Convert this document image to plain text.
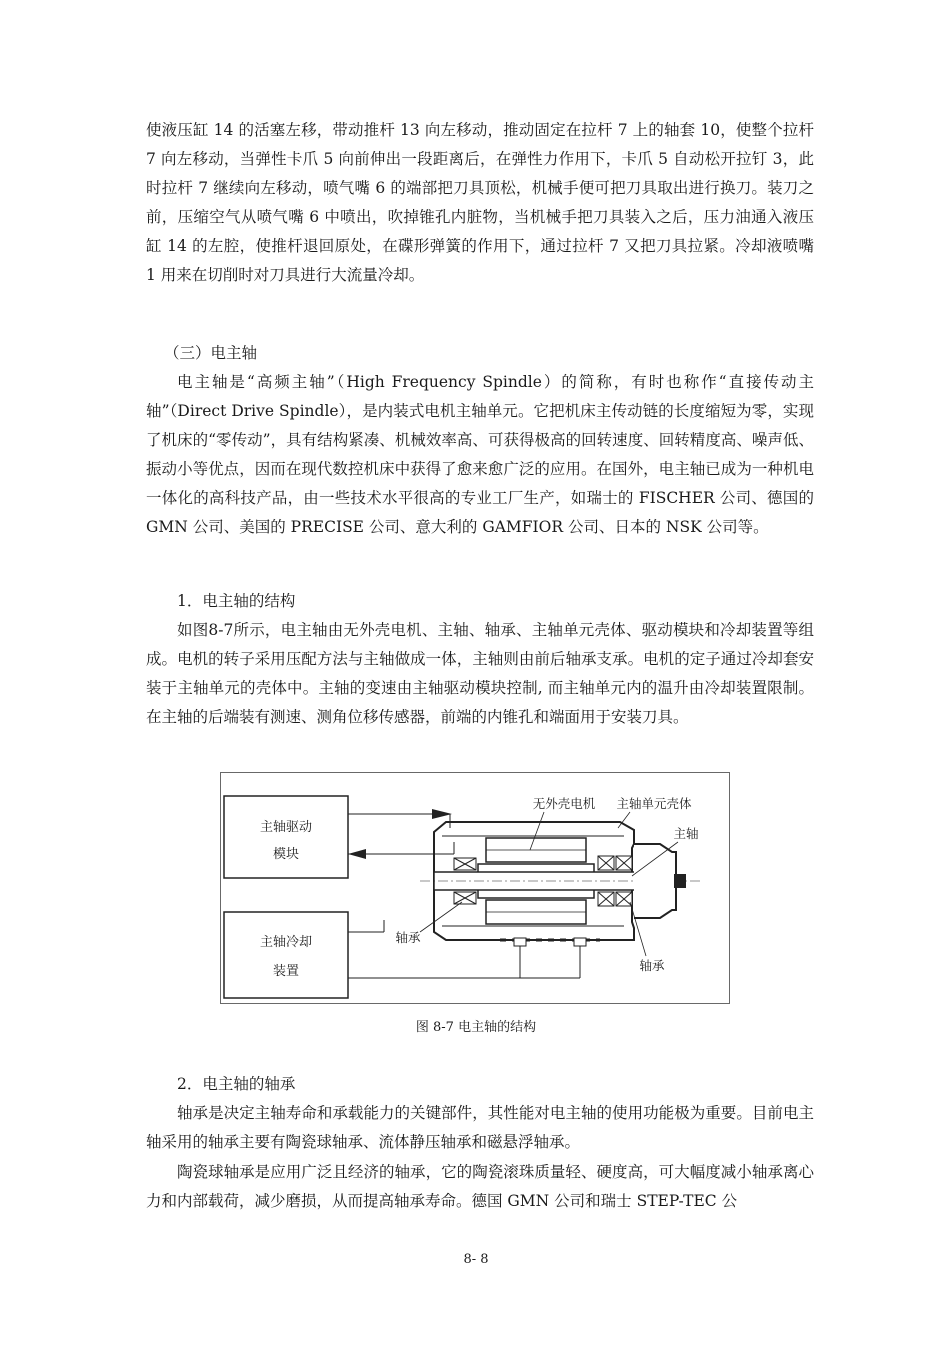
使液压缸 14 的活塞左移，带动推杆 13 向左移动，推动固定在拉杆 7 上的轴套 10，使整个拉杆 7 向左移动，当弹性卡爪 5 向前伸出一段距离后，在弹性力作用下，卡爪 5 自动松开拉钉 3，此时拉杆 7 继续向左移动，喷气嘴 6 的端部把刀具顶松，机械手便可把刀具取出进行换刀。装刀之前，压缩空气从喷气嘴 6 中喷出，吹掉锥孔内脏物，当机械手把刀具装入之后，压力油通入液压缸 14 的左腔，使推杆退回原处，在碟形弹簧的作用下，通过拉杆 7 又把刀具拉紧。冷却液喷嘴 1 用来在切削时对刀具进行大流量冷却。

（三）电主轴

电主轴是“高频主轴”（High Frequency Spindle）的简称，有时也称作“直接传动主轴”（Direct Drive Spindle），是内装式电机主轴单元。它把机床主传动链的长度缩短为零，实现了机床的“零传动”，具有结构紧凑、机械效率高、可获得极高的回转速度、回转精度高、噪声低、振动小等优点，因而在现代数控机床中获得了愈来愈广泛的应用。在国外，电主轴已成为一种机电一体化的高科技产品，由一些技术水平很高的专业工厂生产，如瑞士的 FISCHER 公司、德国的 GMN 公司、美国的 PRECISE 公司、意大利的 GAMFIOR 公司、日本的 NSK 公司等。

1．电主轴的结构

如图8-7所示，电主轴由无外壳电机、主轴、轴承、主轴单元壳体、驱动模块和冷却装置等组成。电机的转子采用压配方法与主轴做成一体，主轴则由前后轴承支承。电机的定子通过冷却套安装于主轴单元的壳体中。主轴的变速由主轴驱动模块控制, 而主轴单元内的温升由冷却装置限制。在主轴的后端装有测速、测角位移传感器，前端的内锥孔和端面用于安装刀具。

主轴驱动
模块
主轴冷却
装置
无外壳电机 主轴单元壳体
主轴
轴承
轴承
图 8-7 电主轴的结构

2．电主轴的轴承

轴承是决定主轴寿命和承载能力的关键部件，其性能对电主轴的使用功能极为重要。目前电主轴采用的轴承主要有陶瓷球轴承、流体静压轴承和磁悬浮轴承。

陶瓷球轴承是应用广泛且经济的轴承，它的陶瓷滚珠质量轻、硬度高，可大幅度减小轴承离心力和内部载荷，减少磨损，从而提高轴承寿命。德国 GMN 公司和瑞士 STEP-TEC 公

8- 8
